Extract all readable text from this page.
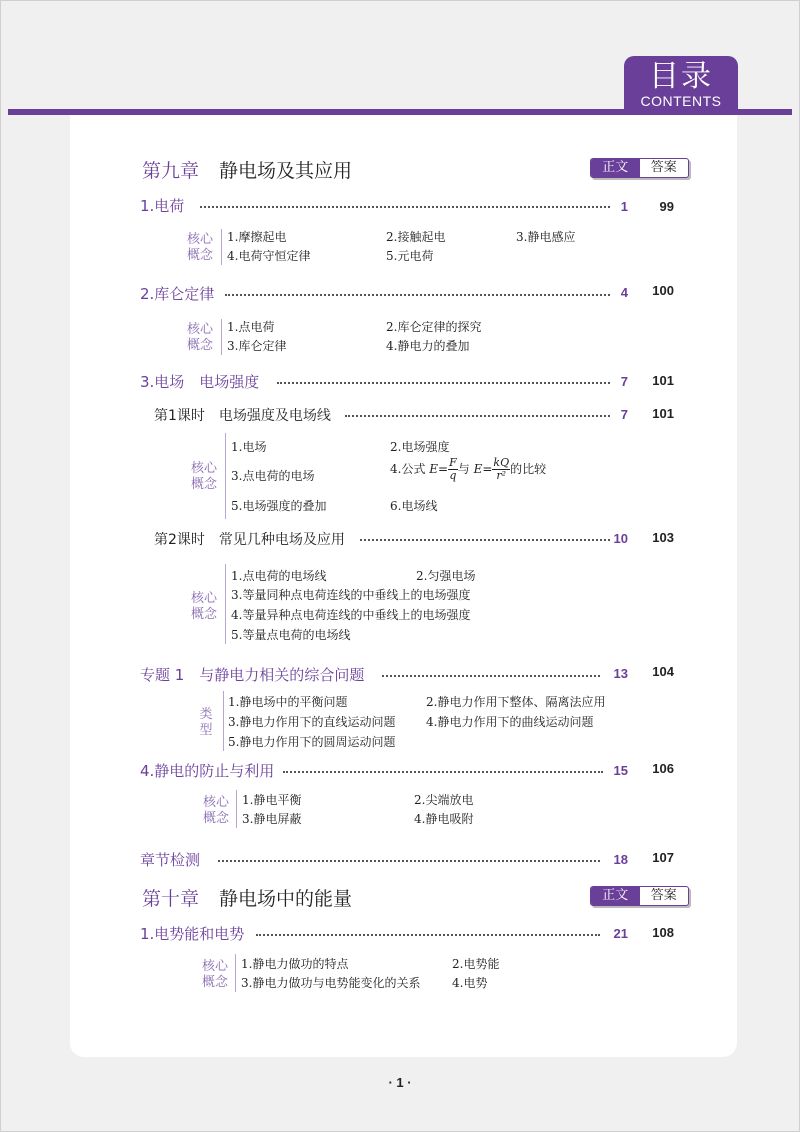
目录
CONTENTS
第九章 静电场及其应用	正文	答案
1.电荷	1	99
核心
概念
1.摩擦起电	2.接触起电	3.静电感应
4.电荷守恒定律	5.元电荷
2.库仑定律	4	100
核心
概念
1.点电荷	2.库仑定律的探究
3.库仑定律	4.静电力的叠加
3.电场　电场强度	7	101
第1课时　电场强度及电场线	7	101
核心
概念
1.电场	2.电场强度
3.点电荷的电场	4.公式 $E= \frac{F}{q}$ 与 $E= \frac{kQ}{\text{r²}}$ 的比较
5.电场强度的叠加	6.电场线
第2课时　常见几种电场及应用	10	103
核心
概念
1.点电荷的电场线	2.匀强电场
3.等量同种点电荷连线的中垂线上的电场强度
4.等量异种点电荷连线的中垂线上的电场强度
5.等量点电荷的电场线
专题 1　与静电力相关的综合问题	13	104
类
型
1.静电场中的平衡问题	2.静电力作用下整体、隔离法应用
3.静电力作用下的直线运动问题	4.静电力作用下的曲线运动问题
5.静电力作用下的圆周运动问题
4.静电的防止与利用	15	106
核心
概念
1.静电平衡	2.尖端放电
3.静电屏蔽	4.静电吸附
章节检测	18	107
第十章 静电场中的能量	正文	答案
1.电势能和电势	21	108
核心
概念
1.静电力做功的特点	2.电势能
3.静电力做功与电势能变化的关系	4.电势
· 1 ·
